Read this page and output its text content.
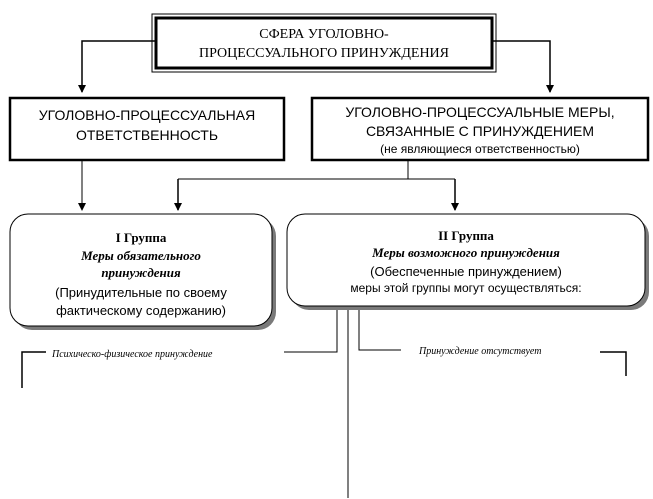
СФЕРА УГОЛОВНО-
ПРОЦЕССУАЛЬНОГО ПРИНУЖДЕНИЯ
УГОЛОВНО-ПРОЦЕССУАЛЬНАЯ
ОТВЕТСТВЕННОСТЬ
УГОЛОВНО-ПРОЦЕССУАЛЬНЫЕ МЕРЫ,
СВЯЗАННЫЕ С ПРИНУЖДЕНИЕМ
(не являющиеся ответственностью)
I Группа
Меры обязательного
принуждения
(Принудительные по своему
фактическому содержанию)
II Группа
Меры возможного принуждения
(Обеспеченные принуждением)
меры этой группы могут осуществляться:
Психическо-физическое принуждение	Принуждение отсутствует
